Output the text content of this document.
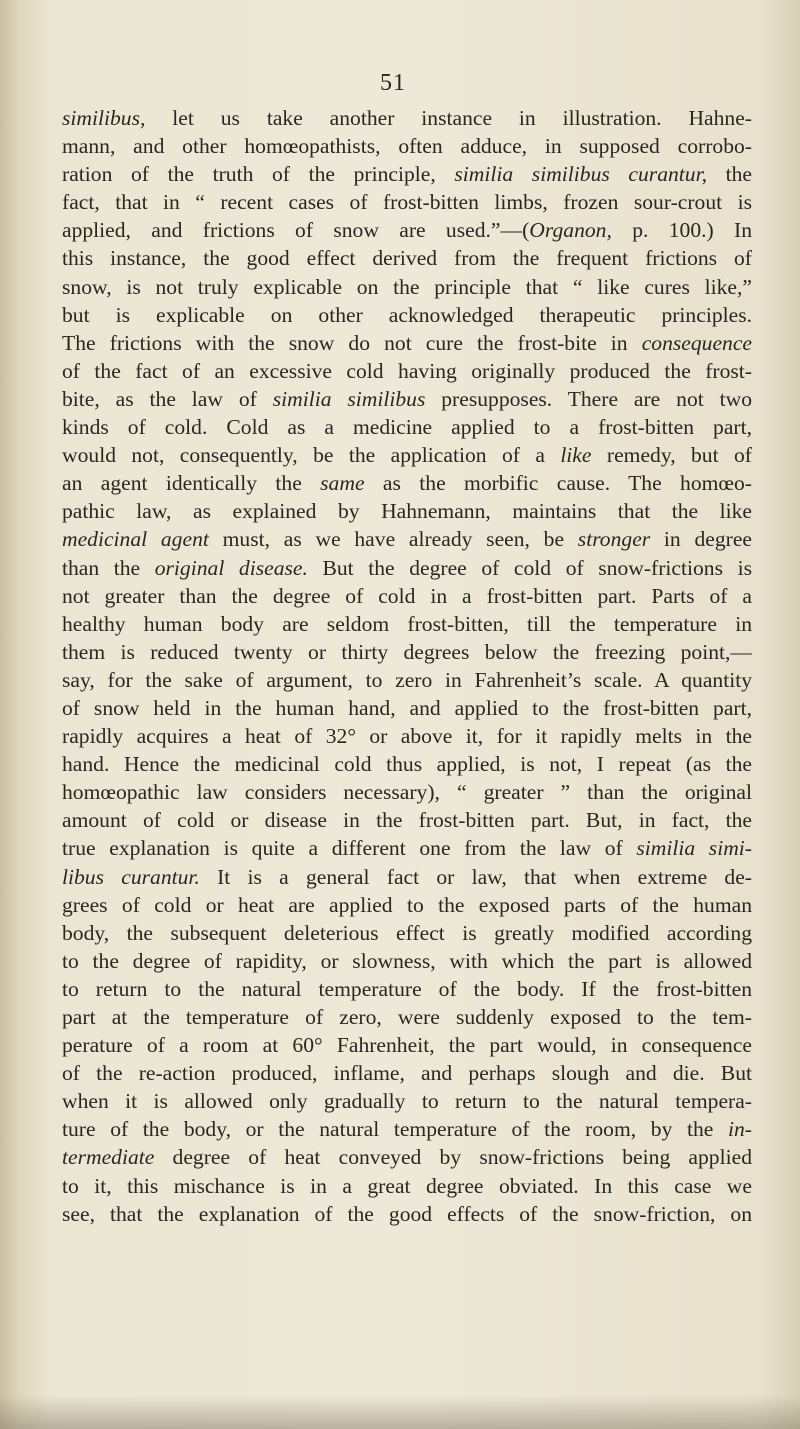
51
similibus, let us take another instance in illustration. Hahne-
mann, and other homœopathists, often adduce, in supposed corrobo-
ration of the truth of the principle, similia similibus curantur, the
fact, that in “ recent cases of frost-bitten limbs, frozen sour-crout is
applied, and frictions of snow are used.”—(Organon, p. 100.) In
this instance, the good effect derived from the frequent frictions of
snow, is not truly explicable on the principle that “ like cures like,”
but is explicable on other acknowledged therapeutic principles.
The frictions with the snow do not cure the frost-bite in consequence
of the fact of an excessive cold having originally produced the frost-
bite, as the law of similia similibus presupposes. There are not two
kinds of cold. Cold as a medicine applied to a frost-bitten part,
would not, consequently, be the application of a like remedy, but of
an agent identically the same as the morbific cause. The homœo-
pathic law, as explained by Hahnemann, maintains that the like
medicinal agent must, as we have already seen, be stronger in degree
than the original disease. But the degree of cold of snow-frictions is
not greater than the degree of cold in a frost-bitten part. Parts of a
healthy human body are seldom frost-bitten, till the temperature in
them is reduced twenty or thirty degrees below the freezing point,—
say, for the sake of argument, to zero in Fahrenheit’s scale. A quantity
of snow held in the human hand, and applied to the frost-bitten part,
rapidly acquires a heat of 32° or above it, for it rapidly melts in the
hand. Hence the medicinal cold thus applied, is not, I repeat (as the
homœopathic law considers necessary), “ greater ” than the original
amount of cold or disease in the frost-bitten part. But, in fact, the
true explanation is quite a different one from the law of similia simi-
libus curantur. It is a general fact or law, that when extreme de-
grees of cold or heat are applied to the exposed parts of the human
body, the subsequent deleterious effect is greatly modified according
to the degree of rapidity, or slowness, with which the part is allowed
to return to the natural temperature of the body. If the frost-bitten
part at the temperature of zero, were suddenly exposed to the tem-
perature of a room at 60° Fahrenheit, the part would, in consequence
of the re-action produced, inflame, and perhaps slough and die. But
when it is allowed only gradually to return to the natural tempera-
ture of the body, or the natural temperature of the room, by the in-
termediate degree of heat conveyed by snow-frictions being applied
to it, this mischance is in a great degree obviated. In this case we
see, that the explanation of the good effects of the snow-friction, on
